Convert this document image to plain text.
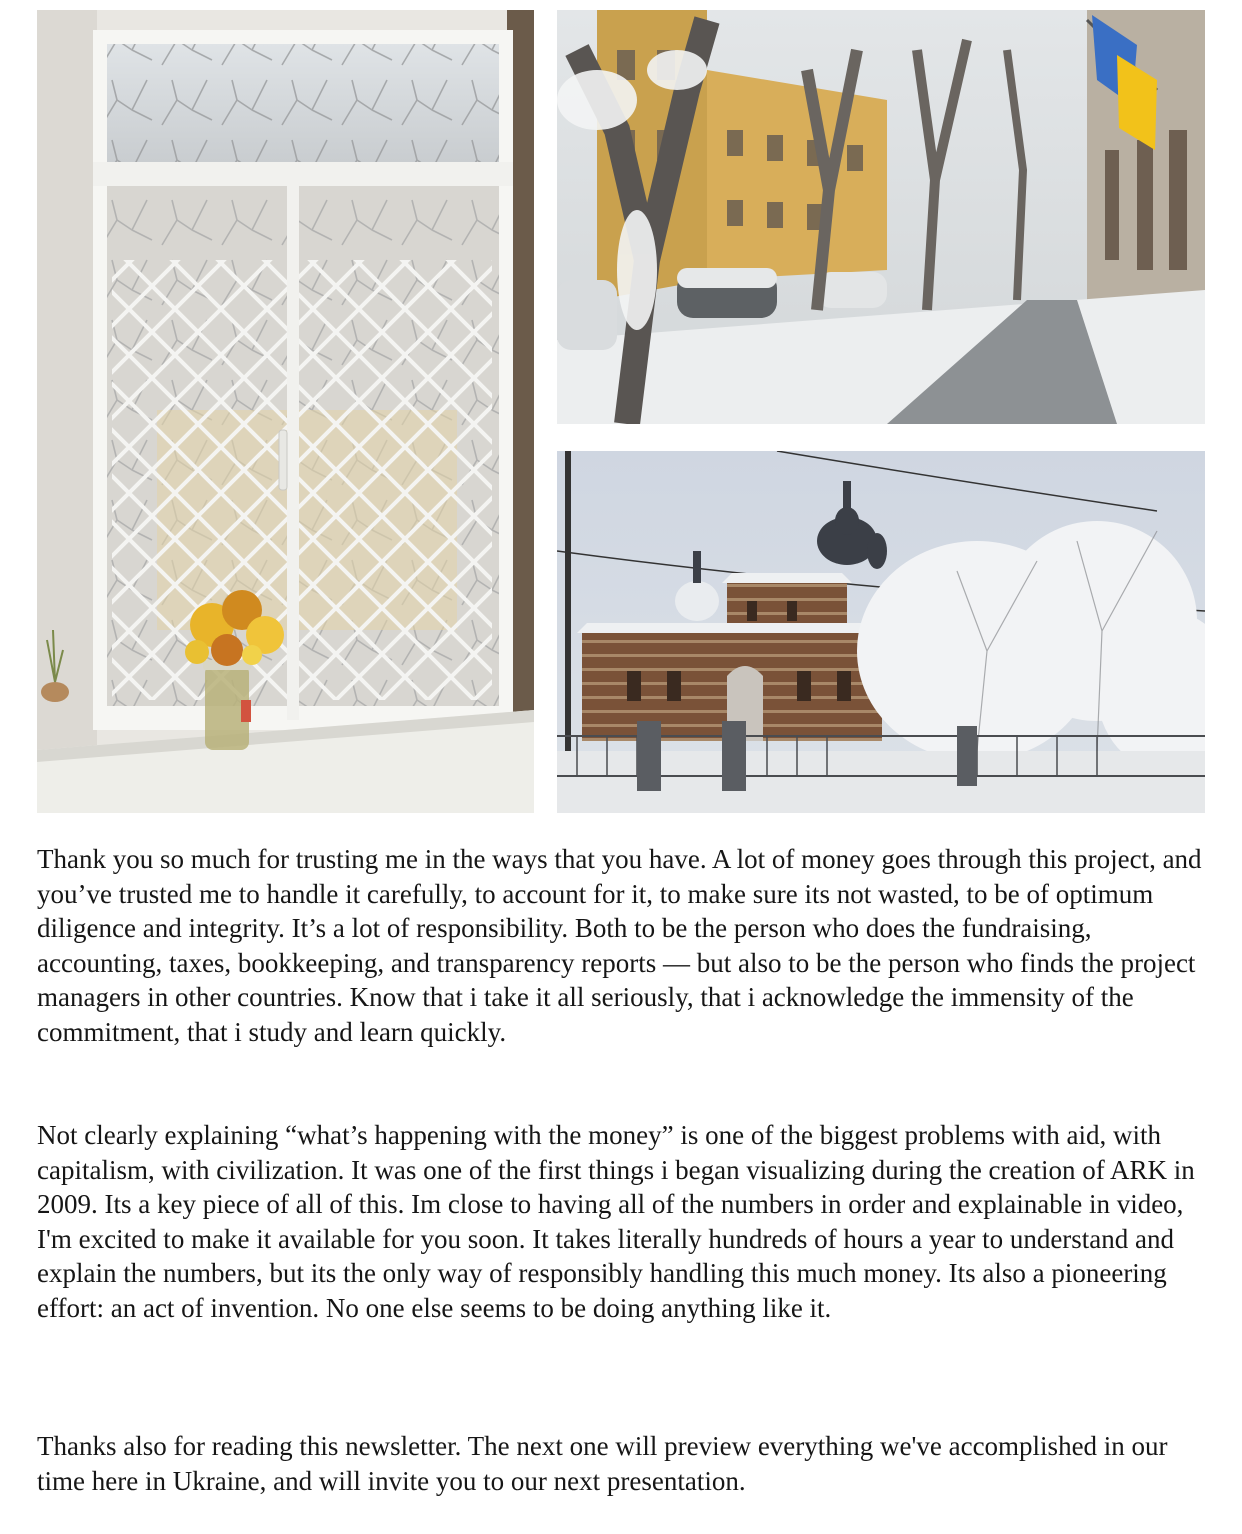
Thank you so much for trusting me in the ways that you have. A lot of money goes through this project, and you’ve trusted me to handle it carefully, to account for it, to make sure its not wasted, to be of optimum diligence and integrity. It’s a lot of responsibility. Both to be the person who does the fundraising, accounting, taxes, bookkeeping, and transparency reports — but also to be the person who finds the project managers in other countries. Know that i take it all seriously, that i acknowledge the immensity of the commitment, that i study and learn quickly.

Not clearly explaining “what’s happening with the money” is one of the biggest problems with aid, with capitalism, with civilization. It was one of the first things i began visualizing during the creation of ARK in 2009. Its a key piece of all of this. Im close to having all of the numbers in order and explainable in video, I'm excited to make it available for you soon. It takes literally hundreds of hours a year to understand and explain the numbers, but its the only way of responsibly handling this much money. Its also a pioneering effort: an act of invention. No one else seems to be doing anything like it.

Thanks also for reading this newsletter. The next one will preview everything we've accomplished in our time here in Ukraine, and will invite you to our next presentation.
